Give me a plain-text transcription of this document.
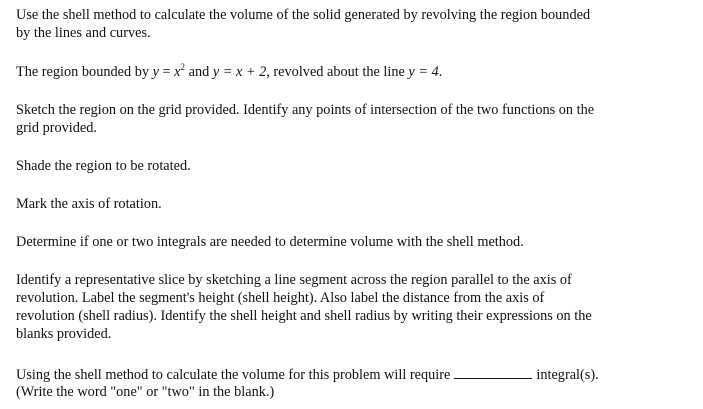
Use the shell method to calculate the volume of the solid generated by revolving the region bounded
by the lines and curves.
The region bounded by $y = x^2$ and y = x + 2, revolved about the line y = 4.
Sketch the region on the grid provided. Identify any points of intersection of the two functions on the
grid provided.
Shade the region to be rotated.
Mark the axis of rotation.
Determine if one or two integrals are needed to determine volume with the shell method.
Identify a representative slice by sketching a line segment across the region parallel to the axis of
revolution. Label the segment's height (shell height). Also label the distance from the axis of
revolution (shell radius). Identify the shell height and shell radius by writing their expressions on the
blanks provided.
Using the shell method to calculate the volume for this problem will require	integral(s).
(Write the word "one" or "two" in the blank.)
